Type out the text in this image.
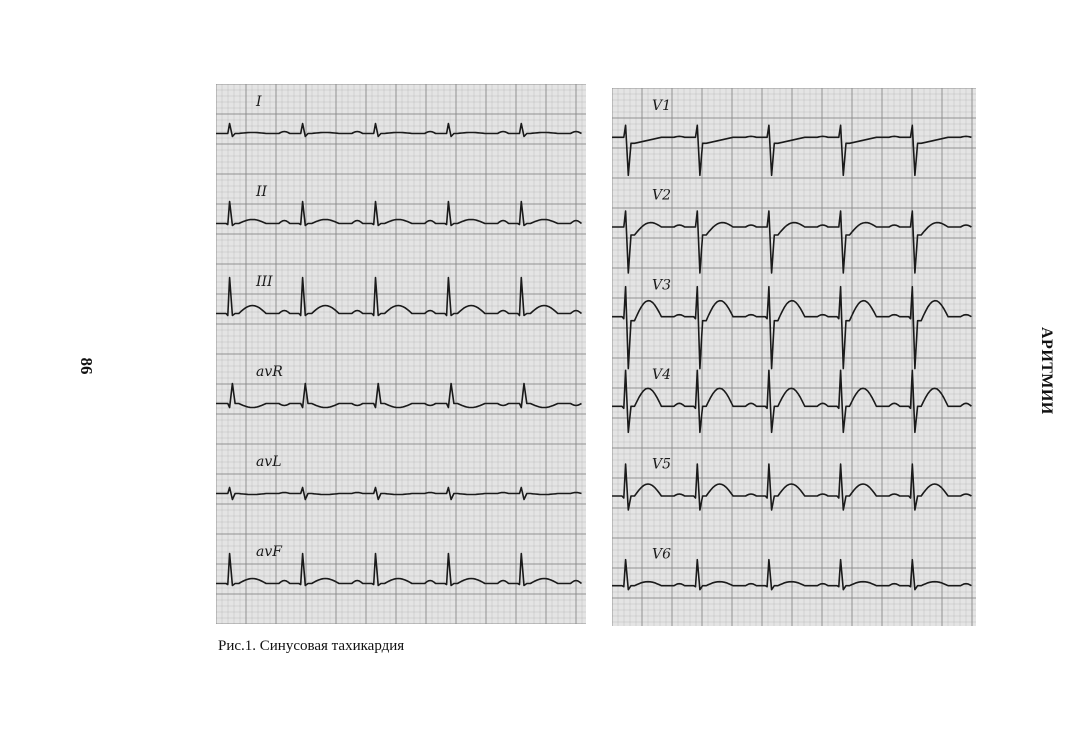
86	АРИТМИИ
I
II
III
avR
avL
avF
V1
V2
V3
V4
V5
V6
Рис.1. Синусовая тахикардия
